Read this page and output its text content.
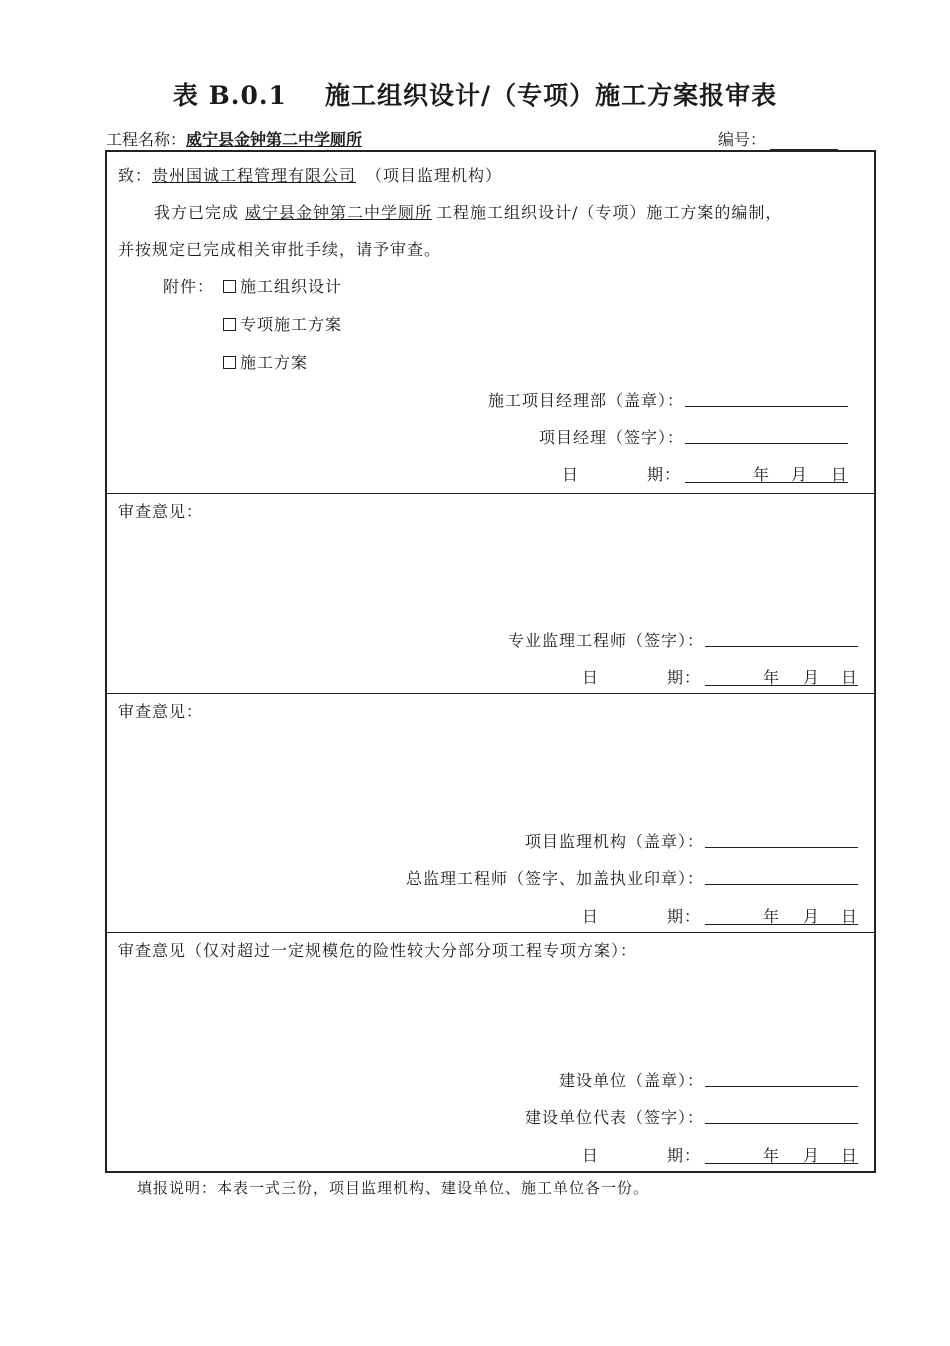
表 B.0.1 施工组织设计/（专项）施工方案报审表
工程名称：威宁县金钟第二中学厕所	编号：
致：贵州国诚工程管理有限公司 （项目监理机构）
我方已完成 威宁县金钟第二中学厕所 工程施工组织设计/（专项）施工方案的编制，
并按规定已完成相关审批手续，请予审查。
附件：	施工组织设计
专项施工方案
施工方案
施工项目经理部（盖章）：
项目经理（签字）：
日	期：	年 月 日
审查意见：
专业监理工程师（签字）：
日	期：	年 月 日
审查意见：
项目监理机构（盖章）：
总监理工程师（签字、加盖执业印章）：
日	期：	年 月 日
审查意见（仅对超过一定规模危的险性较大分部分项工程专项方案）：
建设单位（盖章）：
建设单位代表（签字）：
日	期：	年 月 日
填报说明：本表一式三份，项目监理机构、建设单位、施工单位各一份。
